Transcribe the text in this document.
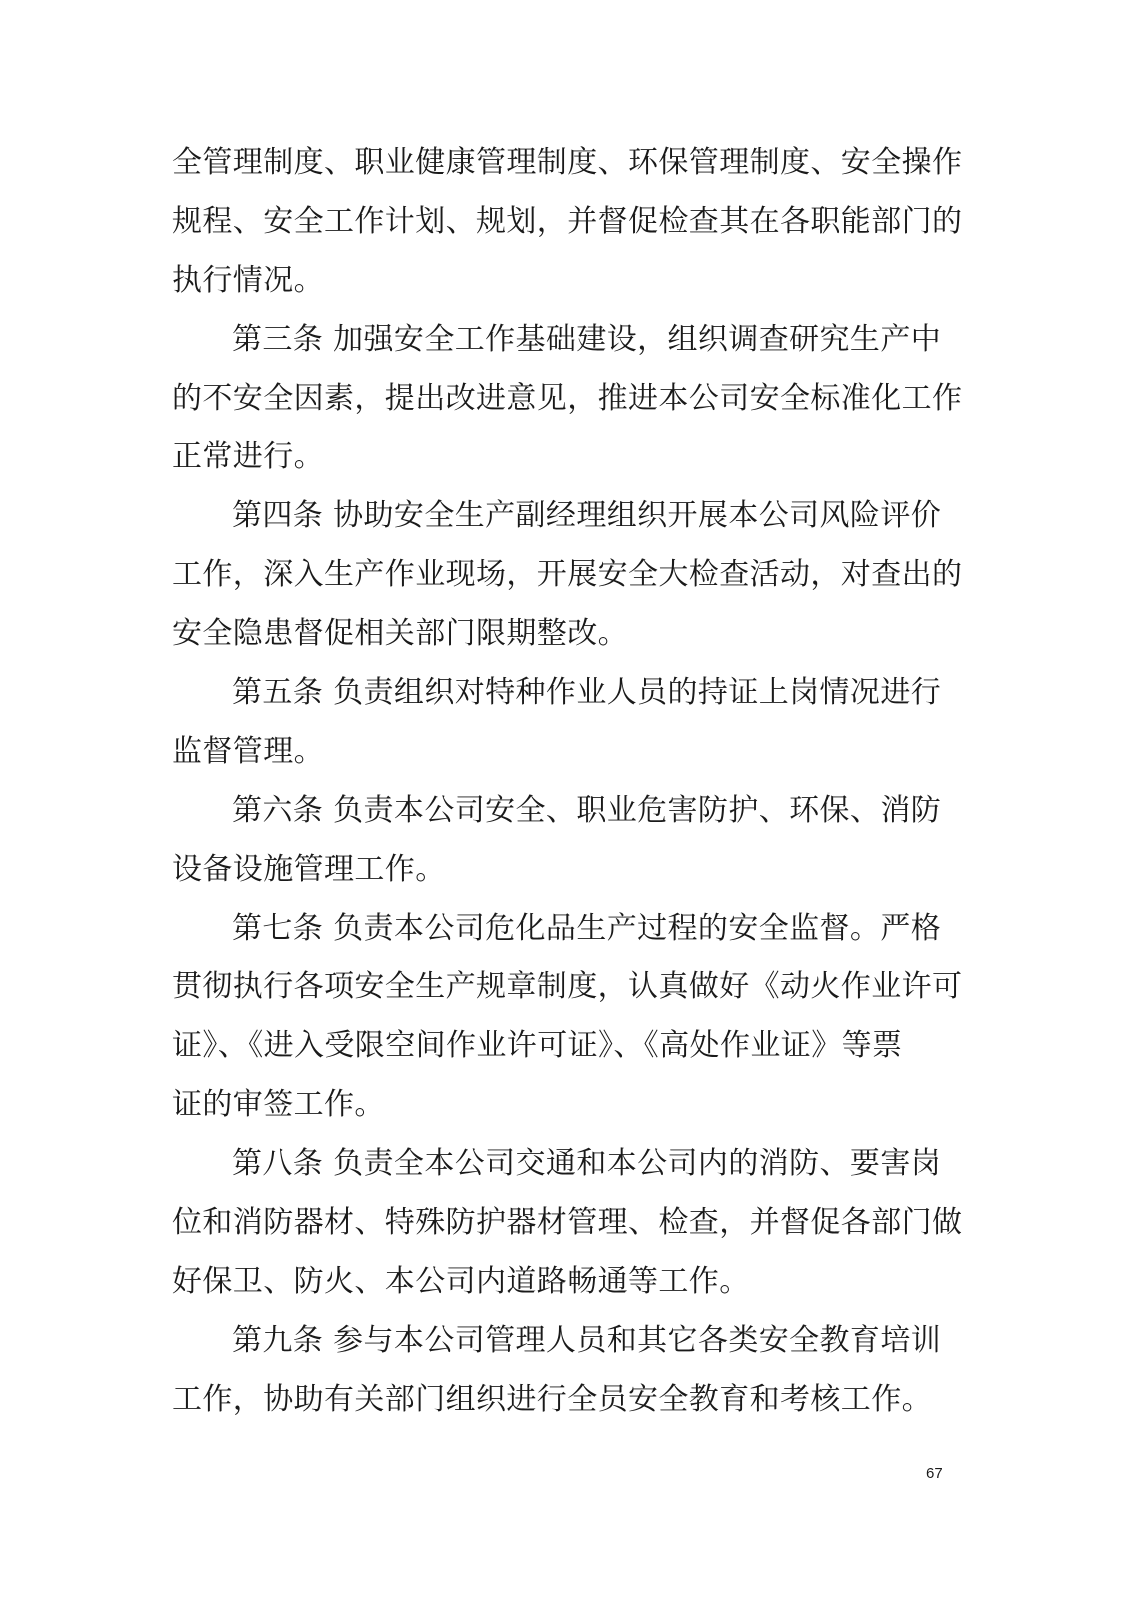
全管理制度、职业健康管理制度、环保管理制度、安全操作
规程、安全工作计划、规划，并督促检查其在各职能部门的
执行情况。
第三条 加强安全工作基础建设，组织调查研究生产中
的不安全因素，提出改进意见，推进本公司安全标准化工作
正常进行。
第四条 协助安全生产副经理组织开展本公司风险评价
工作，深入生产作业现场，开展安全大检查活动，对查出的
安全隐患督促相关部门限期整改。
第五条 负责组织对特种作业人员的持证上岗情况进行
监督管理。
第六条 负责本公司安全、职业危害防护、环保、消防
设备设施管理工作。
第七条 负责本公司危化品生产过程的安全监督。严格
贯彻执行各项安全生产规章制度，认真做好《动火作业许可
证》、《进入受限空间作业许可证》、《高处作业证》等票
证的审签工作。
第八条 负责全本公司交通和本公司内的消防、要害岗
位和消防器材、特殊防护器材管理、检查，并督促各部门做
好保卫、防火、本公司内道路畅通等工作。
第九条 参与本公司管理人员和其它各类安全教育培训
工作，协助有关部门组织进行全员安全教育和考核工作。
67
